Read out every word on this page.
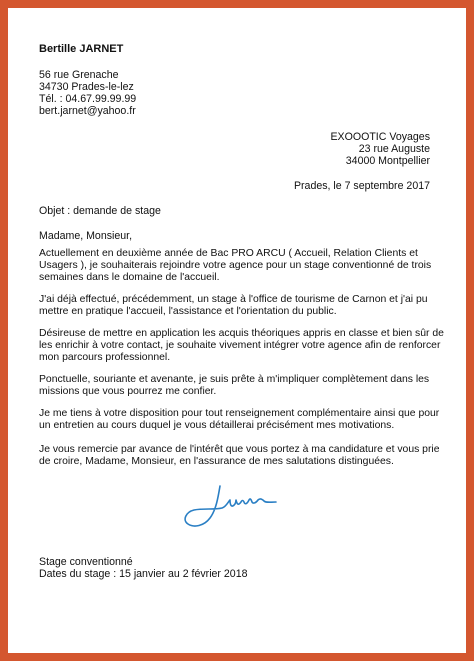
Bertille JARNET
56 rue Grenache
34730 Prades-le-lez
Tél. : 04.67.99.99.99
bert.jarnet@yahoo.fr
EXOOOTIC Voyages
23 rue Auguste
34000 Montpellier
Prades, le 7 septembre 2017
Objet : demande de stage
Madame, Monsieur,
Actuellement en deuxième année de Bac PRO ARCU ( Accueil, Relation Clients et
Usagers ), je souhaiterais rejoindre votre agence pour un stage conventionné de trois
semaines dans le domaine de l'accueil.
J'ai déjà effectué, précédemment, un stage à l'office de tourisme de Carnon et j'ai pu
mettre en pratique l'accueil, l'assistance et l'orientation du public.
Désireuse de mettre en application les acquis théoriques appris en classe et bien sûr de
les enrichir à votre contact, je souhaite vivement intégrer votre agence afin de renforcer
mon parcours professionnel.
Ponctuelle, souriante et avenante, je suis prête à m'impliquer complètement dans les
missions que vous pourrez me confier.
Je me tiens à votre disposition pour tout renseignement complémentaire ainsi que pour
un entretien au cours duquel je vous détaillerai précisément mes motivations.
Je vous remercie par avance de l'intérêt que vous portez à ma candidature et vous prie
de croire, Madame, Monsieur, en l'assurance de mes salutations distinguées.
Stage conventionné
Dates du stage : 15 janvier au 2 février 2018
